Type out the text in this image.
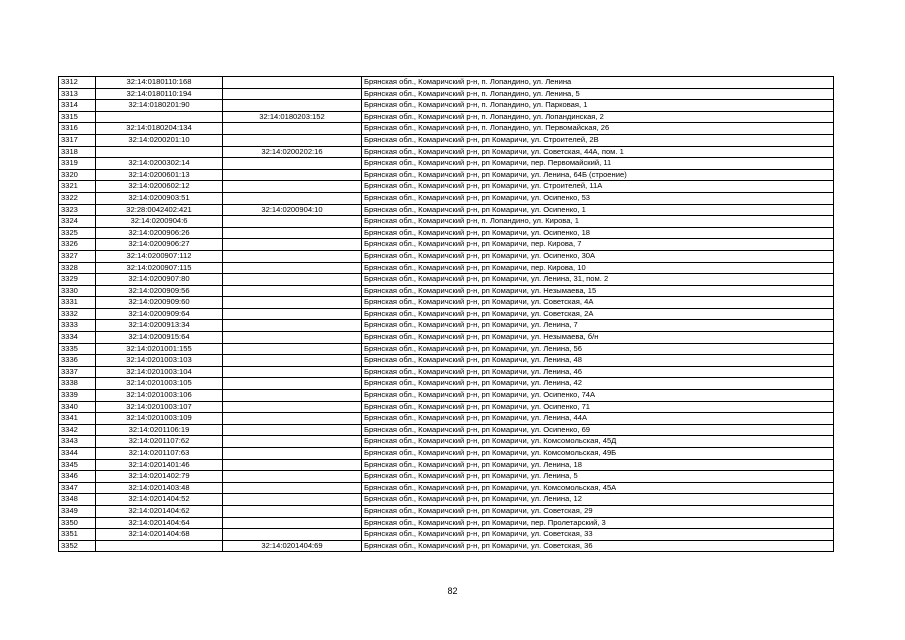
3312	32:14:0180110:168		Брянская обл., Комаричский р-н, п. Лопандино, ул. Ленина
3313	32:14:0180110:194		Брянская обл., Комаричский р-н, п. Лопандино, ул. Ленина, 5
3314	32:14:0180201:90		Брянская обл., Комаричский р-н, п. Лопандино, ул. Парковая, 1
3315		32:14:0180203:152	Брянская обл., Комаричский р-н, п. Лопандино, ул. Лопандинская, 2
3316	32:14:0180204:134		Брянская обл., Комаричский р-н, п. Лопандино, ул. Первомайская, 26
3317	32:14:0200201:10		Брянская обл., Комаричский р-н, рп Комаричи, ул. Строителей, 2В
3318		32:14:0200202:16	Брянская обл., Комаричский р-н, рп Комаричи, ул. Советская, 44А, пом. 1
3319	32:14:0200302:14		Брянская обл., Комаричский р-н, рп Комаричи, пер. Первомайский, 11
3320	32:14:0200601:13		Брянская обл., Комаричский р-н, рп Комаричи, ул. Ленина, 64Б (строение)
3321	32:14:0200602:12		Брянская обл., Комаричский р-н, рп Комаричи, ул. Строителей, 11А
3322	32:14:0200903:51		Брянская обл., Комаричский р-н, рп Комаричи, ул. Осипенко, 53
3323	32:28:0042402:421	32:14:0200904:10	Брянская обл., Комаричский р-н, рп Комаричи, ул. Осипенко, 1
3324	32:14:0200904:6		Брянская обл., Комаричский р-н, п. Лопандино, ул. Кирова, 1
3325	32:14:0200906:26		Брянская обл., Комаричский р-н, рп Комаричи, ул. Осипенко, 18
3326	32:14:0200906:27		Брянская обл., Комаричский р-н, рп Комаричи, пер. Кирова, 7
3327	32:14:0200907:112		Брянская обл., Комаричский р-н, рп Комаричи, ул. Осипенко, 30А
3328	32:14:0200907:115		Брянская обл., Комаричский р-н, рп Комаричи, пер. Кирова, 10
3329	32:14:0200907:80		Брянская обл., Комаричский р-н, рп Комаричи, ул. Ленина, 31, пом. 2
3330	32:14:0200909:56		Брянская обл., Комаричский р-н, рп Комаричи, ул. Незымаева, 15
3331	32:14:0200909:60		Брянская обл., Комаричский р-н, рп Комаричи, ул. Советская, 4А
3332	32:14:0200909:64		Брянская обл., Комаричский р-н, рп Комаричи, ул. Советская, 2А
3333	32:14:0200913:34		Брянская обл., Комаричский р-н, рп Комаричи, ул. Ленина, 7
3334	32:14:0200915:64		Брянская обл., Комаричский р-н, рп Комаричи, ул. Незымаева, б/н
3335	32:14:0201001:155		Брянская обл., Комаричский р-н, рп Комаричи, ул. Ленина, 56
3336	32:14:0201003:103		Брянская обл., Комаричский р-н, рп Комаричи, ул. Ленина, 48
3337	32:14:0201003:104		Брянская обл., Комаричский р-н, рп Комаричи, ул. Ленина, 46
3338	32:14:0201003:105		Брянская обл., Комаричский р-н, рп Комаричи, ул. Ленина, 42
3339	32:14:0201003:106		Брянская обл., Комаричский р-н, рп Комаричи, ул. Осипенко, 74А
3340	32:14:0201003:107		Брянская обл., Комаричский р-н, рп Комаричи, ул. Осипенко, 71
3341	32:14:0201003:109		Брянская обл., Комаричский р-н, рп Комаричи, ул. Ленина, 44А
3342	32:14:0201106:19		Брянская обл., Комаричский р-н, рп Комаричи, ул. Осипенко, 69
3343	32:14:0201107:62		Брянская обл., Комаричский р-н, рп Комаричи, ул. Комсомольская, 45Д
3344	32:14:0201107:63		Брянская обл., Комаричский р-н, рп Комаричи, ул. Комсомольская, 49Б
3345	32:14:0201401:46		Брянская обл., Комаричский р-н, рп Комаричи, ул. Ленина, 18
3346	32:14:0201402:79		Брянская обл., Комаричский р-н, рп Комаричи, ул. Ленина, 5
3347	32:14:0201403:48		Брянская обл., Комаричский р-н, рп Комаричи, ул. Комсомольская, 45А
3348	32:14:0201404:52		Брянская обл., Комаричский р-н, рп Комаричи, ул. Ленина, 12
3349	32:14:0201404:62		Брянская обл., Комаричский р-н, рп Комаричи, ул. Советская, 29
3350	32:14:0201404:64		Брянская обл., Комаричский р-н, рп Комаричи, пер. Пролетарский, 3
3351	32:14:0201404:68		Брянская обл., Комаричский р-н, рп Комаричи, ул. Советская, 33
3352		32:14:0201404:69	Брянская обл., Комаричский р-н, рп Комаричи, ул. Советская, 36
82
